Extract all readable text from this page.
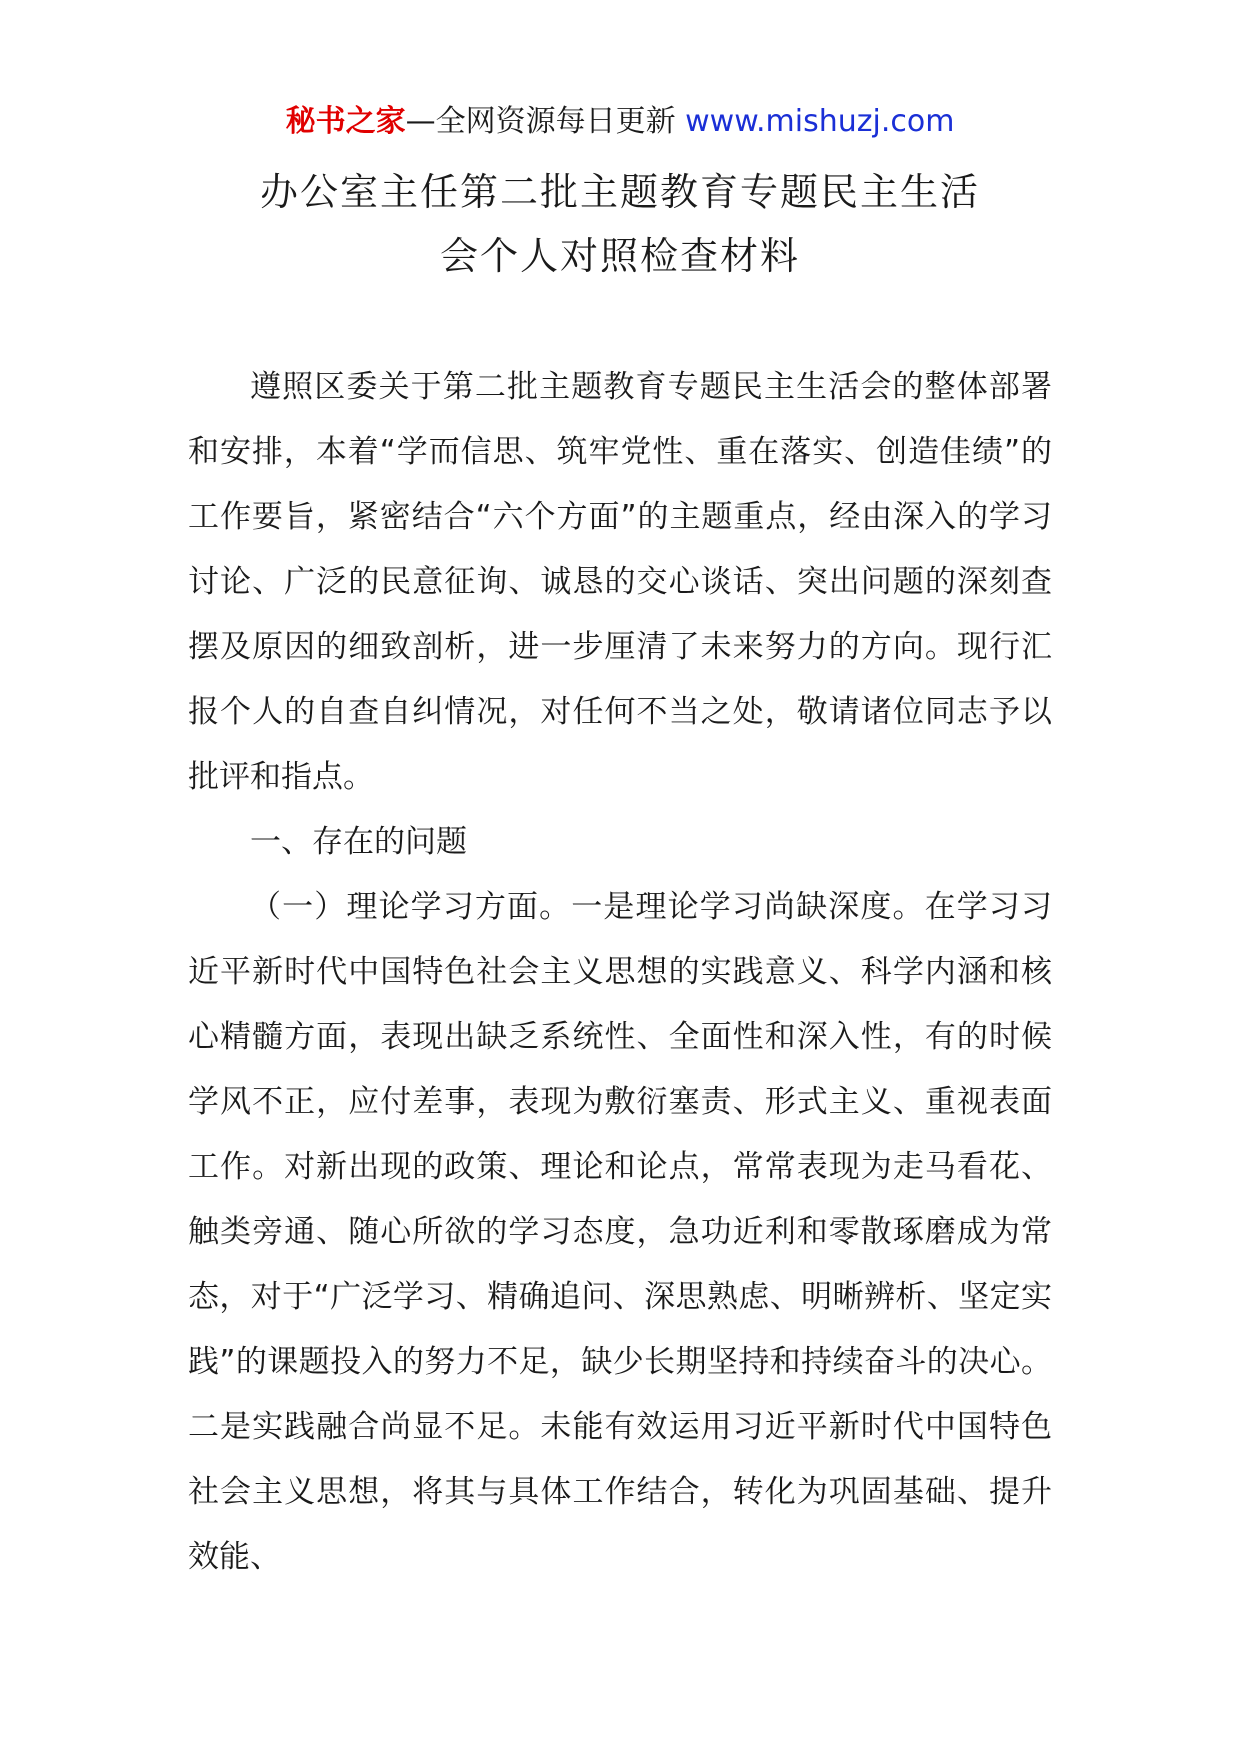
秘书之家—全网资源每日更新 www.mishuzj.com
办公室主任第二批主题教育专题民主生活
会个人对照检查材料

遵照区委关于第二批主题教育专题民主生活会的整体部署和安排，本着“学而信思、筑牢党性、重在落实、创造佳绩”的工作要旨，紧密结合“六个方面”的主题重点，经由深入的学习讨论、广泛的民意征询、诚恳的交心谈话、突出问题的深刻查摆及原因的细致剖析，进一步厘清了未来努力的方向。现行汇报个人的自查自纠情况，对任何不当之处，敬请诸位同志予以批评和指点。

一、存在的问题

（一）理论学习方面。一是理论学习尚缺深度。在学习习近平新时代中国特色社会主义思想的实践意义、科学内涵和核心精髓方面，表现出缺乏系统性、全面性和深入性，有的时候学风不正，应付差事，表现为敷衍塞责、形式主义、重视表面工作。对新出现的政策、理论和论点，常常表现为走马看花、触类旁通、随心所欲的学习态度，急功近利和零散琢磨成为常态，对于“广泛学习、精确追问、深思熟虑、明晰辨析、坚定实践”的课题投入的努力不足，缺少长期坚持和持续奋斗的决心。二是实践融合尚显不足。未能有效运用习近平新时代中国特色社会主义思想，将其与具体工作结合，转化为巩固基础、提升效能、
